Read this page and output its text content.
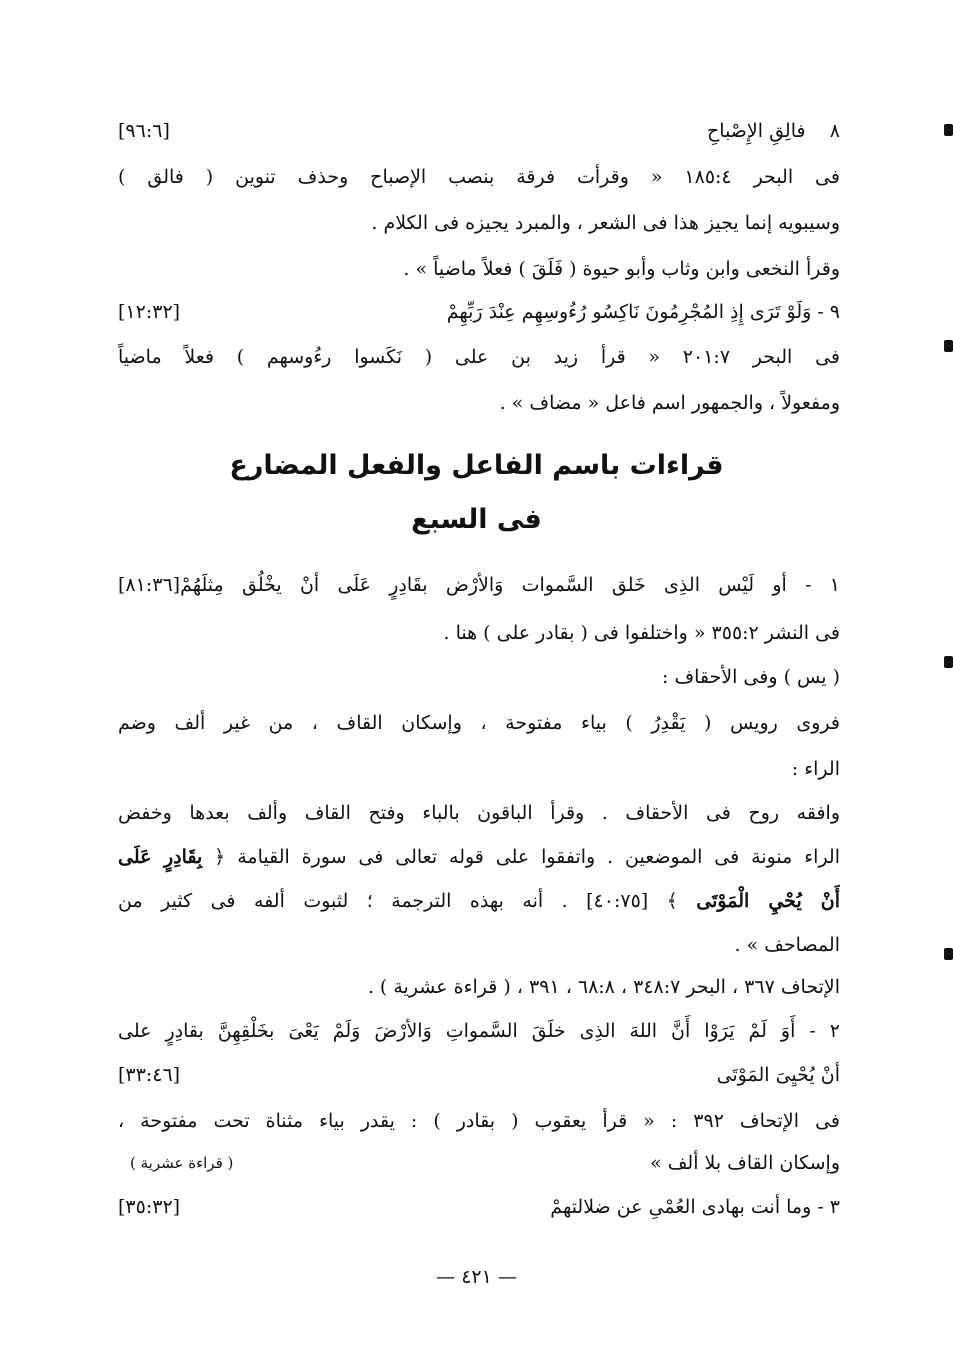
٨    فالِقِ الإِصْباحِ
[٩٦:٦]
فى البحر ١٨٥:٤ « وقرأت فرقة بنصب الإصباح وحذف تنوين ( فالق )
وسيبويه إنما يجيز هذا فى الشعر ، والمبرد يجيزه فى الكلام .
وقرأ النخعى وابن وثاب وأبو حيوة ( فَلَقَ ) فعلاً ماضياً » .
٩ - وَلَوْ تَرَى إِذِ المُجْرِمُونَ نَاكِسُو رُءُوسِهِم عِنْدَ رَبِّهِمْ
[١٢:٣٢]
فى البحر ٢٠١:٧ « قرأ زيد بن على ( نَكَسوا رءُوسهم ) فعلاً ماضياً
ومفعولاً ، والجمهور اسم فاعل « مضاف » .
قراءات باسم الفاعل والفعل المضارع
فى السبع
١ - أو لَيْس الذِى خَلق السَّموات وَالأرْض بقَادِرٍ عَلَى أنْ يخْلُق مِثلَهُمْ[٨١:٣٦]
فى النشر ٣٥٥:٢ « واختلفوا فى ( بقادر على ) هنا .
( يس ) وفى الأحقاف :
فروى رويس ( يَقْدِرُ ) بياء مفتوحة ، وإسكان القاف ، من غير ألف وضم
الراء :
وافقه روح فى الأحقاف . وقرأ الباقون بالباء وفتح القاف وألف بعدها وخفض
الراء منونة فى الموضعين . واتفقوا على قوله تعالى فى سورة القيامة ﴿ بِقَادِرٍ عَلَى
أَنْ يُحْيِ الْمَوْتَى ﴾ [٤٠:٧٥] . أنه بهذه الترجمة ؛ لثبوت ألفه فى كثير من
المصاحف » .
الإتحاف ٣٦٧ ، البحر ٣٤٨:٧ ، ٦٨:٨ ، ٣٩١ ، ( قراءة عشرية ) .
٢ - أَوَ لَمْ يَرَوْا أَنَّ اللهَ الذِى خلَقَ السَّمواتِ وَالأرْضَ وَلَمْ يَعْىَ بخَلْقِهِنَّ بقادِرٍ على
أنْ يُحْيِىَ المَوْتَى
[٣٣:٤٦]
فى الإتحاف ٣٩٢ : « قرأ يعقوب ( بقادر ) : يقدر بياء مثناة تحت مفتوحة ،
وإسكان القاف بلا ألف »
( قراءة عشرية )
٣ - وما أنت بهادى العُمْىِ عن ضلالتهمْ
[٣٥:٣٢]
— ٤٢١ —
